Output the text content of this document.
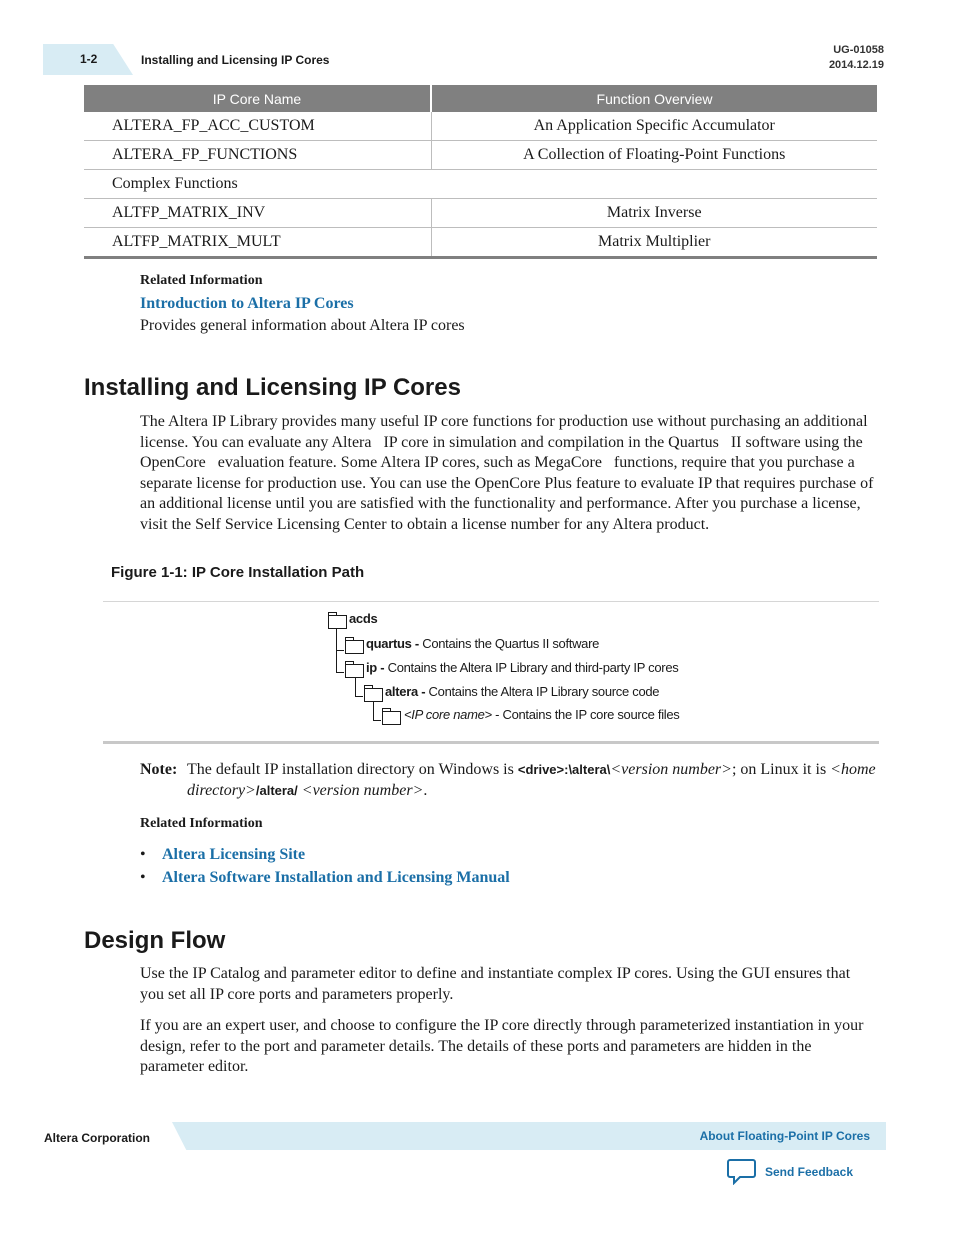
1-2	Installing and Licensing IP Cores
UG-01058
2014.12.19
IP Core Name	Function Overview
ALTERA_FP_ACC_CUSTOM	An Application Specific Accumulator
ALTERA_FP_FUNCTIONS	A Collection of Floating-Point Functions
Complex Functions	
ALTFP_MATRIX_INV	Matrix Inverse
ALTFP_MATRIX_MULT	Matrix Multiplier
Related Information
Introduction to Altera IP Cores
Provides general information about Altera IP cores
Installing and Licensing IP Cores

The Altera IP Library provides many useful IP core functions for production use without purchasing an additional license. You can evaluate any Altera   IP core in simulation and compilation in the Quartus   II software using the OpenCore   evaluation feature. Some Altera IP cores, such as MegaCore   functions, require that you purchase a separate license for production use. You can use the OpenCore Plus feature to evaluate IP that requires purchase of an additional license until you are satisfied with the functionality and performance. After you purchase a license, visit the Self Service Licensing Center to obtain a license number for any Altera product.

Figure 1-1: IP Core Installation Path
acds
quartus - Contains the Quartus II software
ip - Contains the Altera IP Library and third-party IP cores
altera - Contains the Altera IP Library source code
<IP core name> - Contains the IP core source files
Note: The default IP installation directory on Windows is <drive>:\altera\<version number>; on Linux it is <home directory>/altera/ <version number>.
Related Information
• Altera Licensing Site
• Altera Software Installation and Licensing Manual
Design Flow

Use the IP Catalog and parameter editor to define and instantiate complex IP cores. Using the GUI ensures that you set all IP core ports and parameters properly.

If you are an expert user, and choose to configure the IP core directly through parameterized instantiation in your design, refer to the port and parameter details. The details of these ports and parameters are hidden in the parameter editor.

Altera Corporation	About Floating-Point IP Cores
Send Feedback
